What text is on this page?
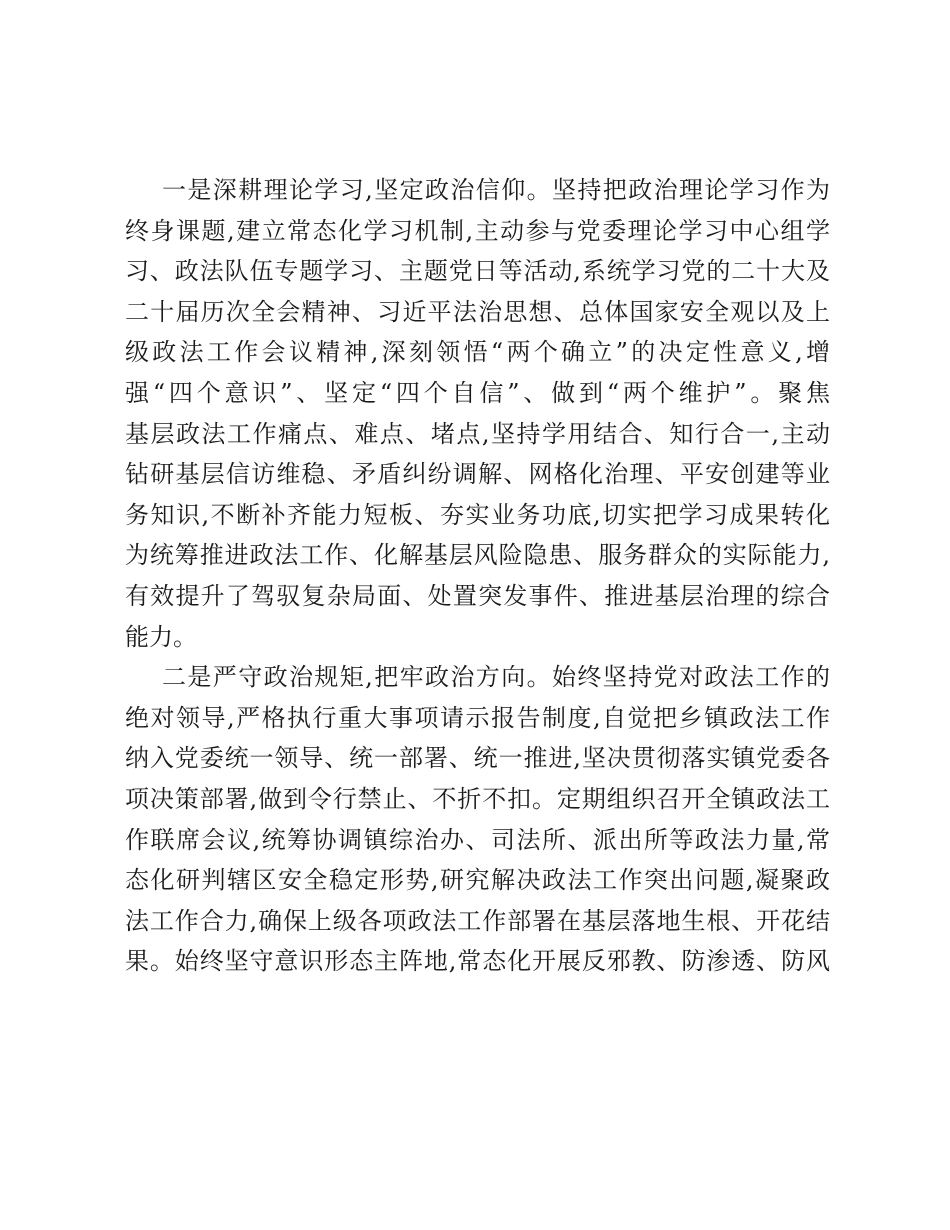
一是深耕理论学习,坚定政治信仰。坚持把政治理论学习作为
终身课题,建立常态化学习机制,主动参与党委理论学习中心组学
习、政法队伍专题学习、主题党日等活动,系统学习党的二十大及
二十届历次全会精神、习近平法治思想、总体国家安全观以及上
级政法工作会议精神,深刻领悟“两个确立”的决定性意义,增
强“四个意识”、坚定“四个自信”、做到“两个维护”。聚焦
基层政法工作痛点、难点、堵点,坚持学用结合、知行合一,主动
钻研基层信访维稳、矛盾纠纷调解、网格化治理、平安创建等业
务知识,不断补齐能力短板、夯实业务功底,切实把学习成果转化
为统筹推进政法工作、化解基层风险隐患、服务群众的实际能力,
有效提升了驾驭复杂局面、处置突发事件、推进基层治理的综合
能力。
二是严守政治规矩,把牢政治方向。始终坚持党对政法工作的
绝对领导,严格执行重大事项请示报告制度,自觉把乡镇政法工作
纳入党委统一领导、统一部署、统一推进,坚决贯彻落实镇党委各
项决策部署,做到令行禁止、不折不扣。定期组织召开全镇政法工
作联席会议,统筹协调镇综治办、司法所、派出所等政法力量,常
态化研判辖区安全稳定形势,研究解决政法工作突出问题,凝聚政
法工作合力,确保上级各项政法工作部署在基层落地生根、开花结
果。始终坚守意识形态主阵地,常态化开展反邪教、防渗透、防风
